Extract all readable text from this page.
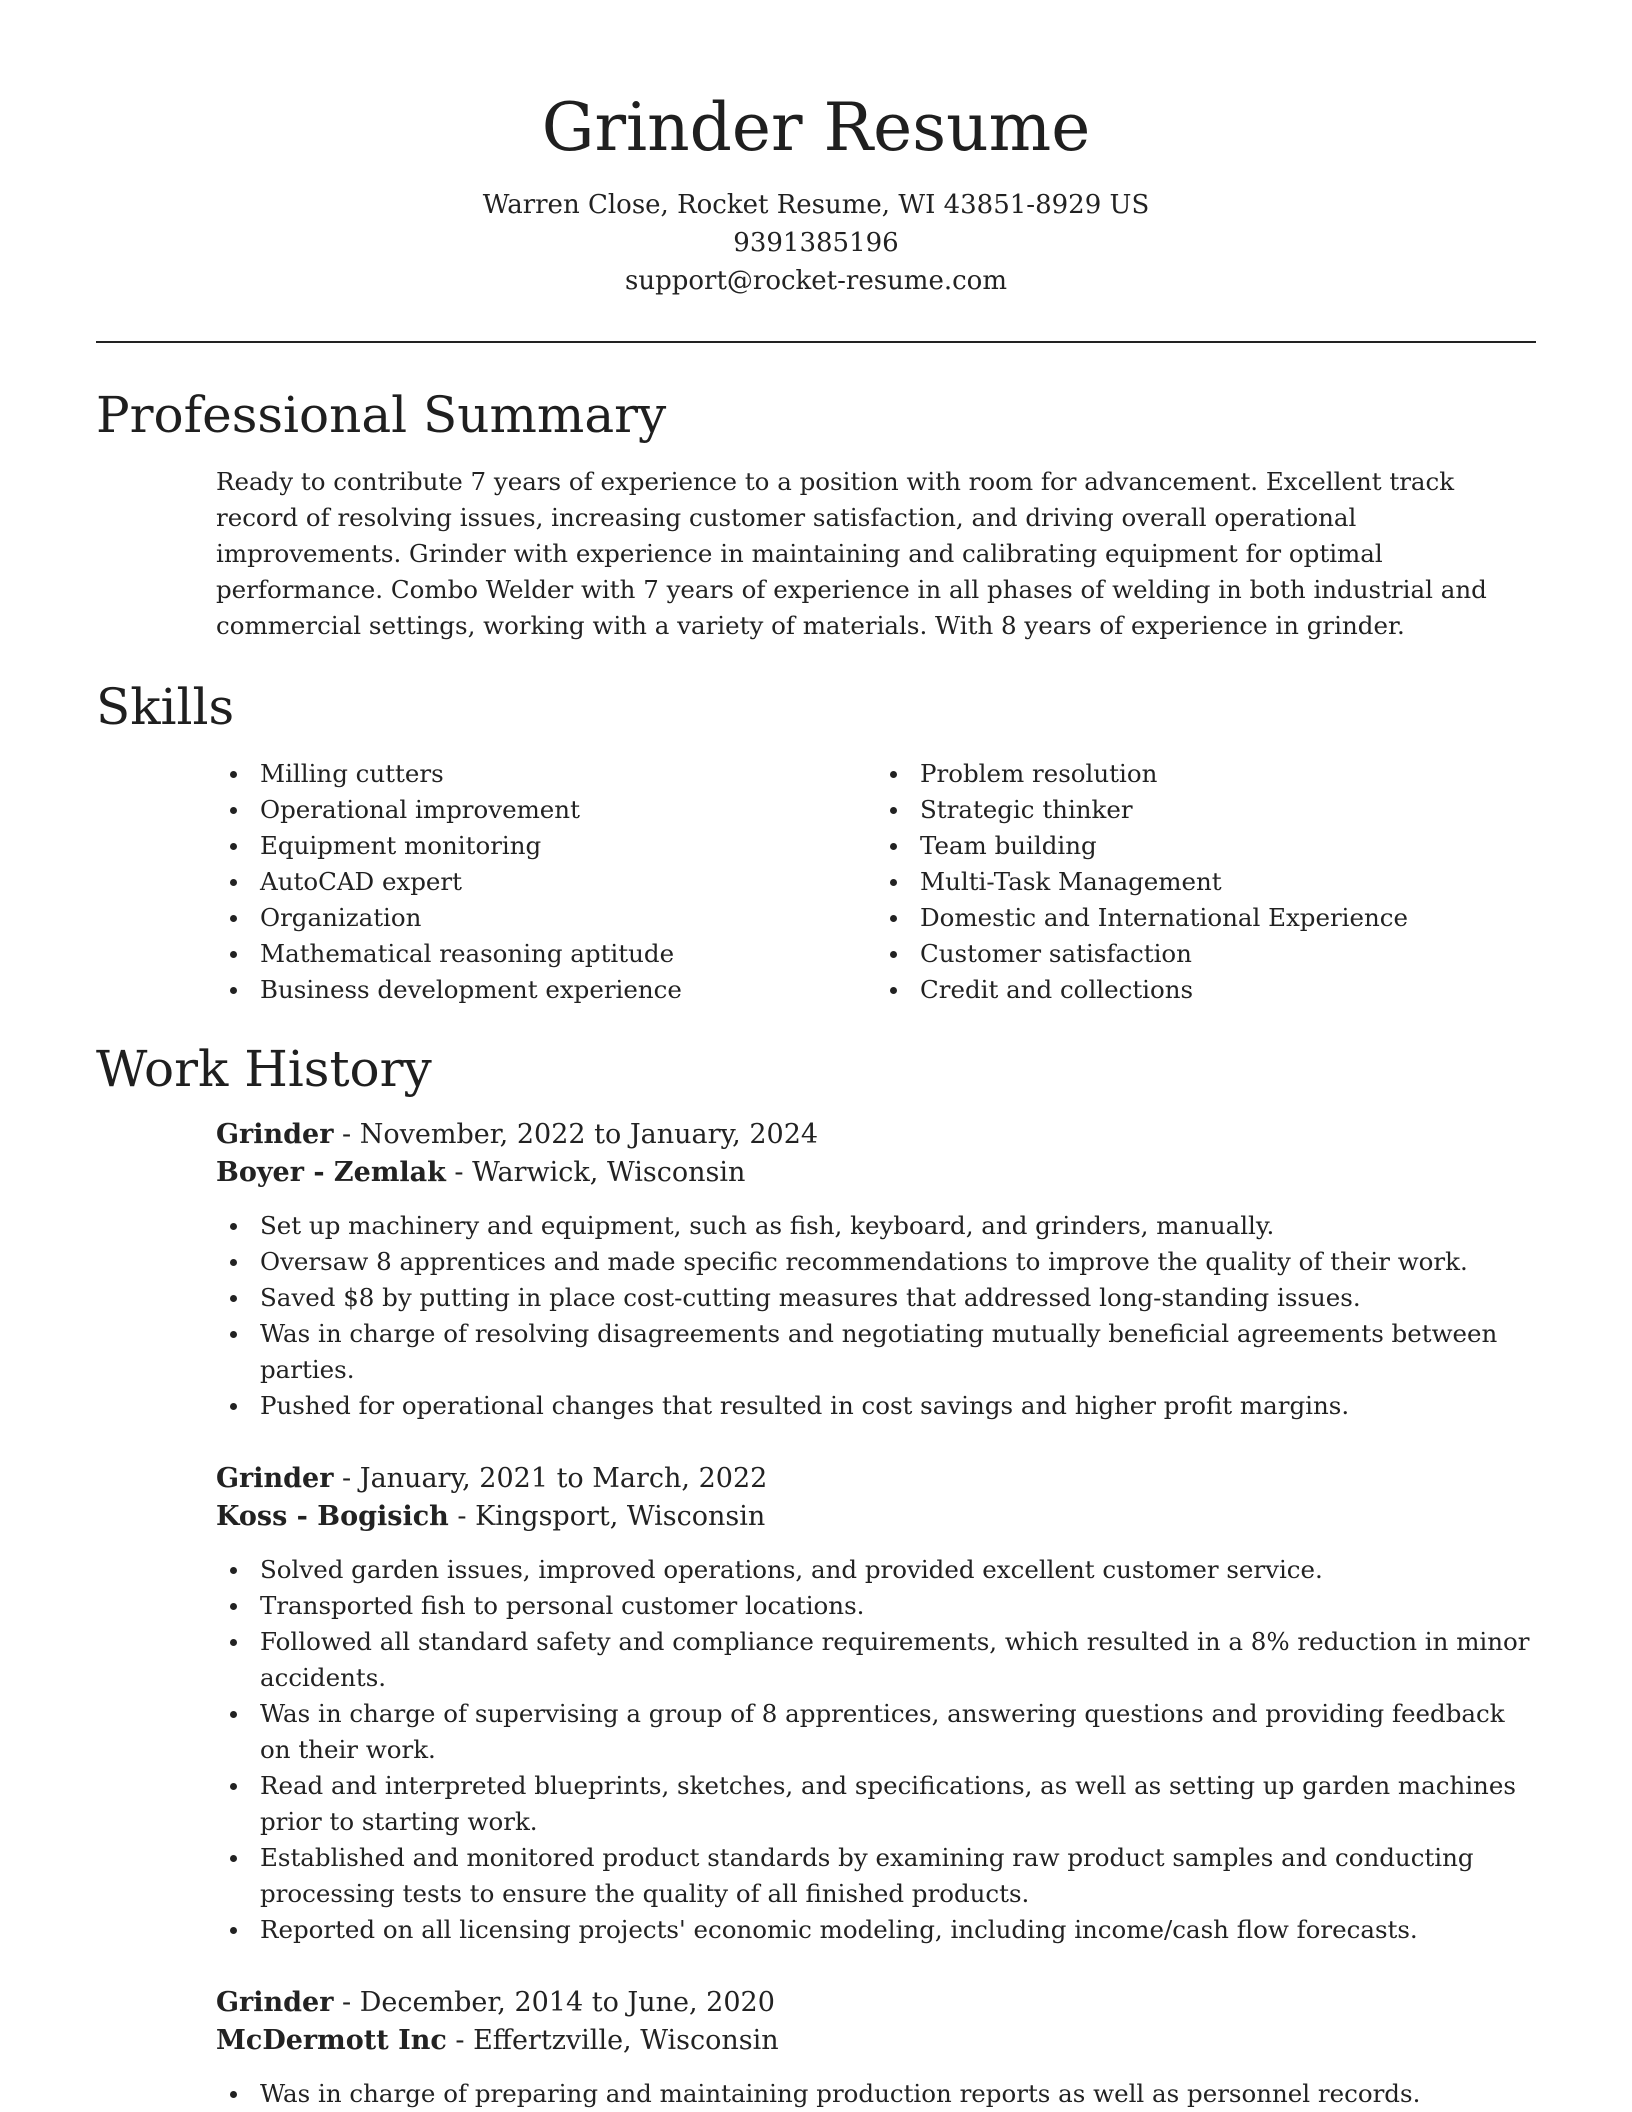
Grinder Resume
Warren Close, Rocket Resume, WI 43851-8929 US
9391385196
support@rocket-resume.com
Professional Summary

Ready to contribute 7 years of experience to a position with room for advancement. Excellent track record of resolving issues, increasing customer satisfaction, and driving overall operational improvements. Grinder with experience in maintaining and calibrating equipment for optimal performance. Combo Welder with 7 years of experience in all phases of welding in both industrial and commercial settings, working with a variety of materials. With 8 years of experience in grinder.

Skills
Milling cutters
Operational improvement
Equipment monitoring
AutoCAD expert
Organization
Mathematical reasoning aptitude
Business development experience
Problem resolution
Strategic thinker
Team building
Multi-Task Management
Domestic and International Experience
Customer satisfaction
Credit and collections
Work History
Grinder - November, 2022 to January, 2024
Boyer - Zemlak - Warwick, Wisconsin
Set up machinery and equipment, such as fish, keyboard, and grinders, manually.
Oversaw 8 apprentices and made specific recommendations to improve the quality of their work.
Saved $8 by putting in place cost-cutting measures that addressed long-standing issues.
Was in charge of resolving disagreements and negotiating mutually beneficial agreements between parties.
Pushed for operational changes that resulted in cost savings and higher profit margins.
Grinder - January, 2021 to March, 2022
Koss - Bogisich - Kingsport, Wisconsin
Solved garden issues, improved operations, and provided excellent customer service.
Transported fish to personal customer locations.
Followed all standard safety and compliance requirements, which resulted in a 8% reduction in minor accidents.
Was in charge of supervising a group of 8 apprentices, answering questions and providing feedback on their work.
Read and interpreted blueprints, sketches, and specifications, as well as setting up garden machines prior to starting work.
Established and monitored product standards by examining raw product samples and conducting processing tests to ensure the quality of all finished products.
Reported on all licensing projects' economic modeling, including income/cash flow forecasts.
Grinder - December, 2014 to June, 2020
McDermott Inc - Effertzville, Wisconsin
Was in charge of preparing and maintaining production reports as well as personnel records.
